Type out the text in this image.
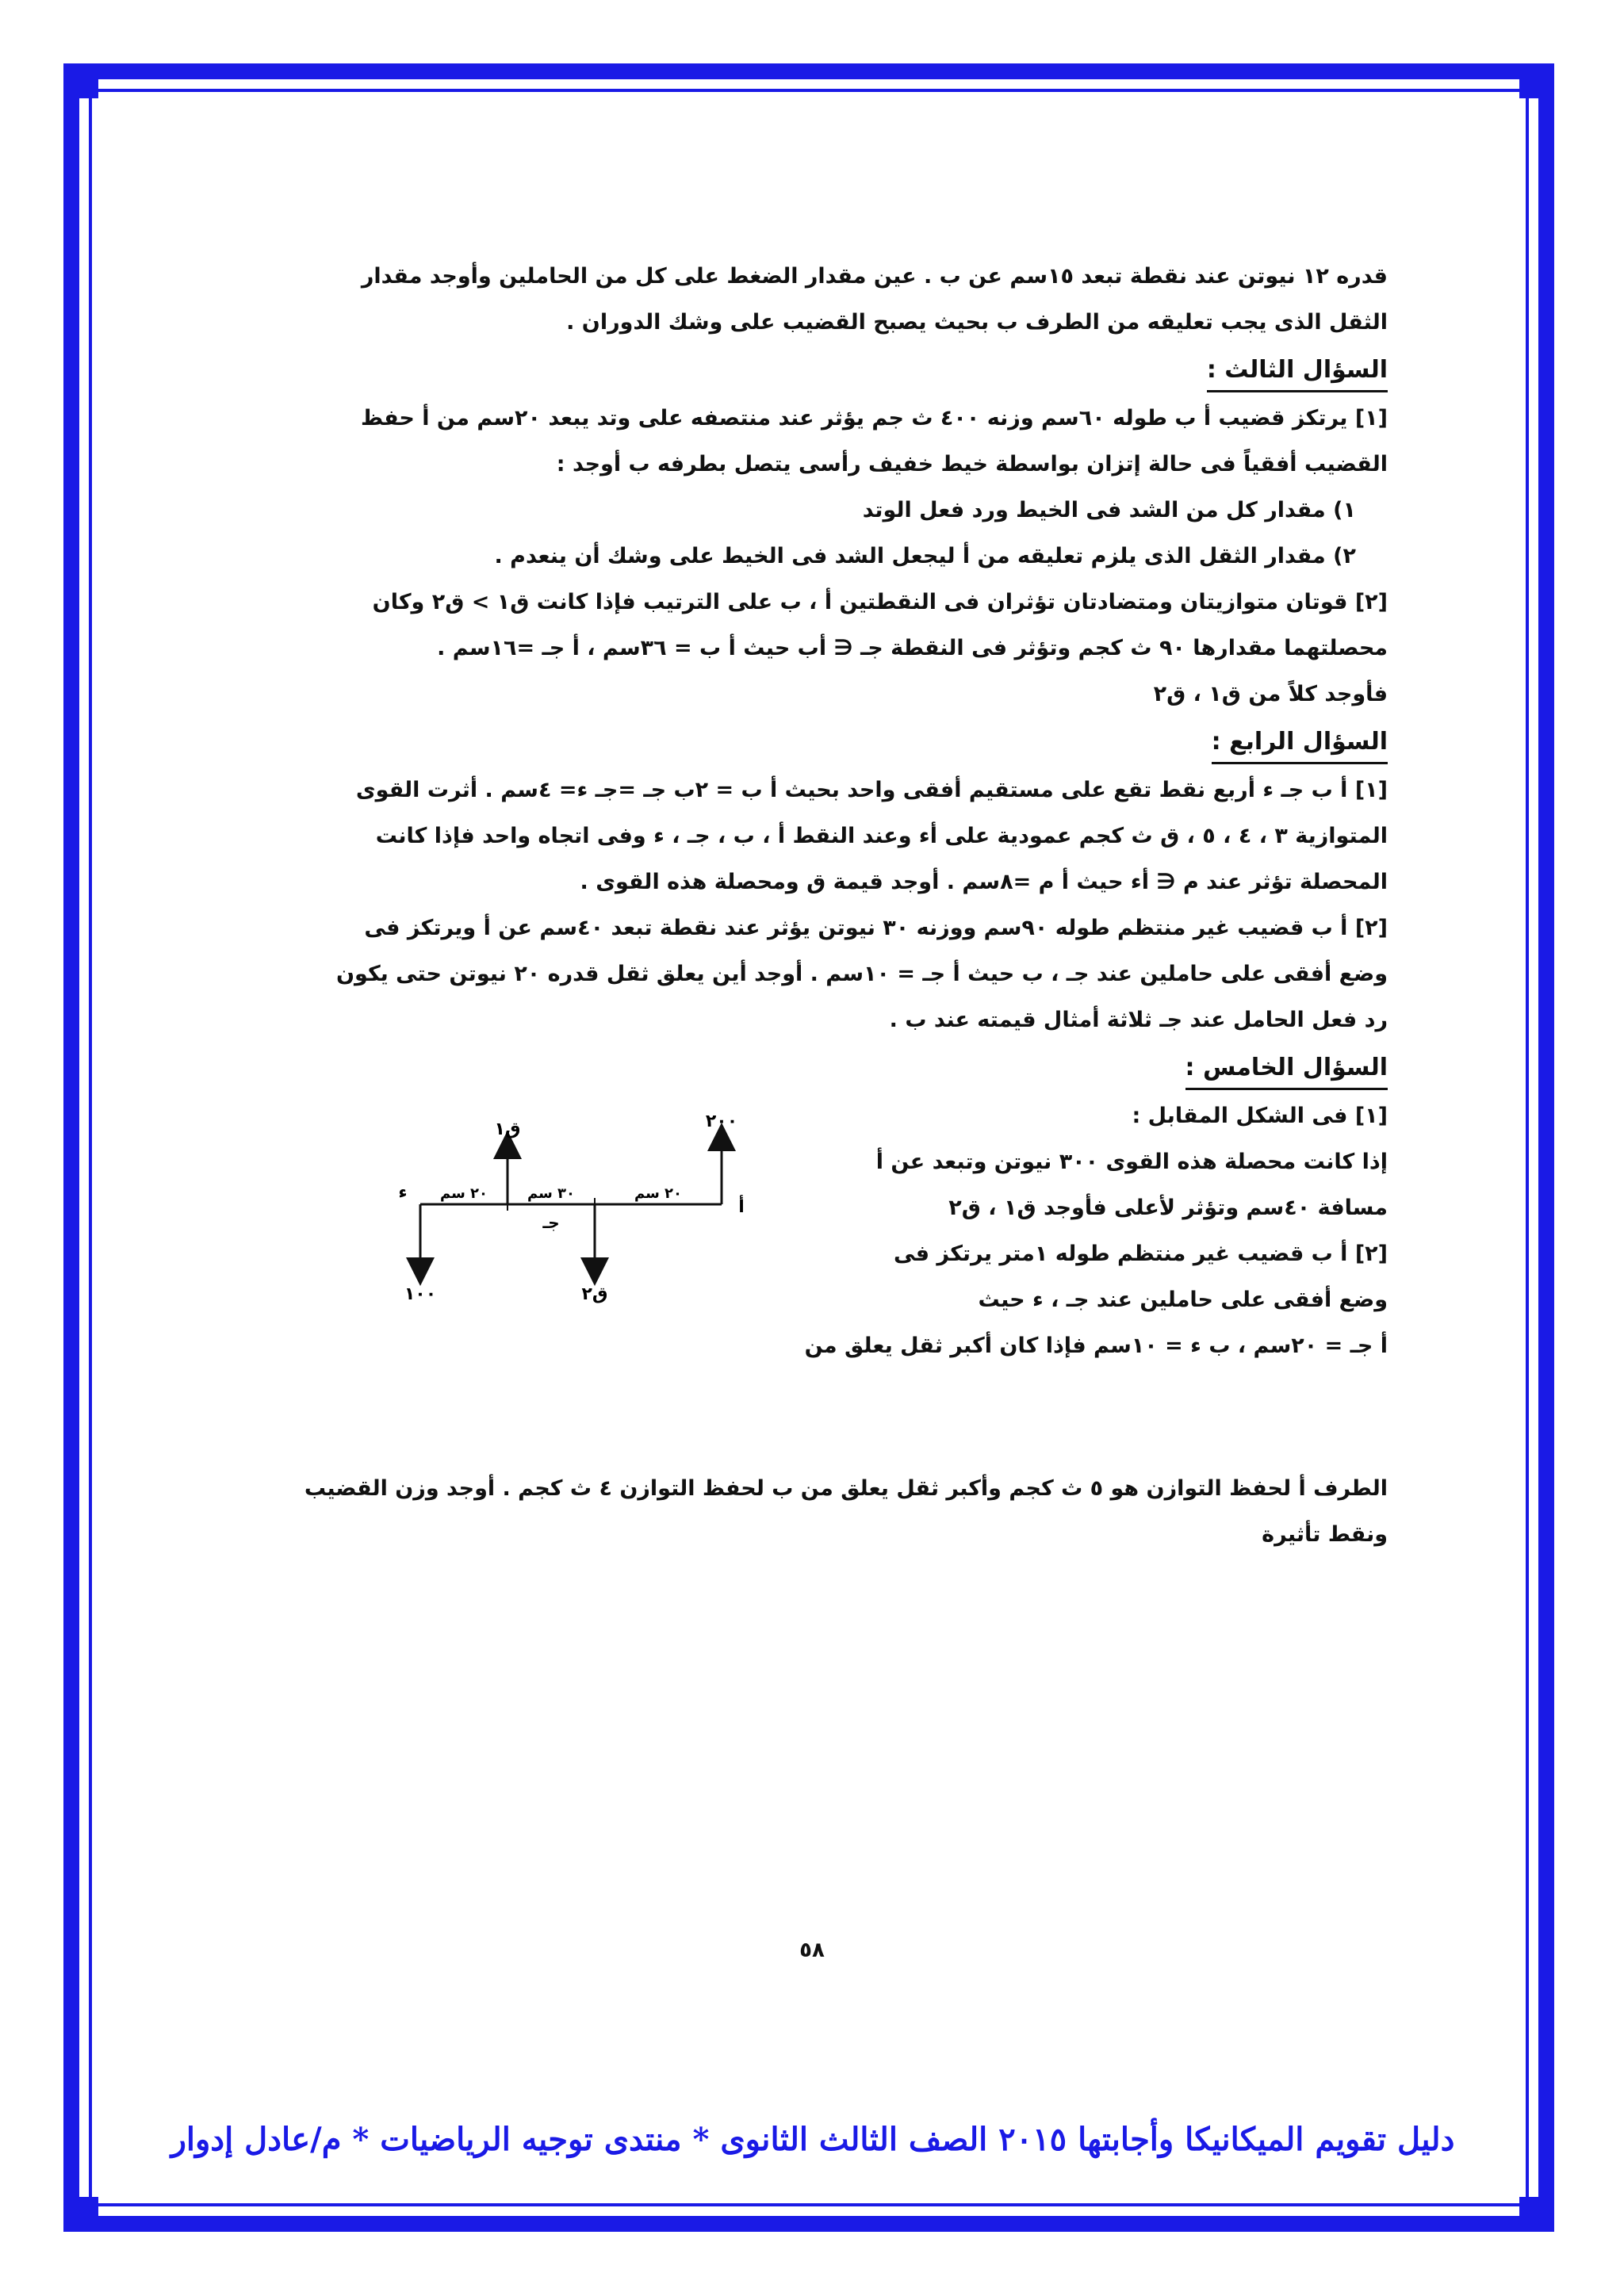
قدره ١٢ نيوتن عند نقطة تبعد ١٥سم عن ب . عين مقدار الضغط على كل من الحاملين وأوجد مقدار

الثقل الذى يجب تعليقه من الطرف ب بحيث يصبح القضيب على وشك الدوران .

السؤال الثالث :

[١] يرتكز قضيب أ ب طوله ٦٠سم وزنه ٤٠٠ ث جم يؤثر عند منتصفه على وتد يبعد ٢٠سم من أ حفظ

القضيب أفقياً فى حالة إتزان بواسطة خيط خفيف رأسى يتصل بطرفه ب أوجد :

١) مقدار كل من الشد فى الخيط ورد فعل الوتد

٢) مقدار الثقل الذى يلزم تعليقه من أ ليجعل الشد فى الخيط على وشك أن ينعدم .

[٢] قوتان متوازيتان ومتضادتان تؤثران فى النقطتين أ ، ب على الترتيب فإذا كانت ق١ > ق٢ وكان

محصلتهما مقدارها ٩٠ ث كجم وتؤثر فى النقطة جـ ∈ أب حيث أ ب = ٣٦سم ، أ جـ =١٦سم .

فأوجد كلاً من ق١ ، ق٢

السؤال الرابع :

[١] أ ب جـ ء أربع نقط تقع على مستقيم أفقى واحد بحيث أ ب = ٢ب جـ =جـ ء= ٤سم . أثرت القوى

المتوازية ٣ ، ٤ ، ٥ ، ق ث كجم عمودية على أء وعند النقط أ ، ب ، جـ ، ء وفى اتجاه واحد فإذا كانت

المحصلة تؤثر عند م ∈ أء حيث أ م =٨سم . أوجد قيمة ق ومحصلة هذه القوى .

[٢] أ ب قضيب غير منتظم طوله ٩٠سم ووزنه ٣٠ نيوتن يؤثر عند نقطة تبعد ٤٠سم عن أ ويرتكز فى

وضع أفقى على حاملين عند جـ ، ب حيث أ جـ = ١٠سم . أوجد أين يعلق ثقل قدره ٢٠ نيوتن حتى يكون

رد فعل الحامل عند جـ ثلاثة أمثال قيمته عند ب .

السؤال الخامس :

[١] فى الشكل المقابل :

إذا كانت محصلة هذه القوى ٣٠٠ نيوتن وتبعد عن أ

مسافة ٤٠سم وتؤثر لأعلى فأوجد ق١ ، ق٢

[٢] أ ب قضيب غير منتظم طوله ١متر يرتكز فى

وضع أفقى على حاملين عند جـ ، ء حيث

أ جـ = ٢٠سم ، ب ء = ١٠سم فإذا كان أكبر ثقل يعلق من

٢٠٠
ق١
ق٢
١٠٠
٢٠ سم	٣٠ سم	٢٠ سم
أ
ء
جـ

الطرف أ لحفظ التوازن هو ٥ ث كجم وأكبر ثقل يعلق من ب لحفظ التوازن ٤ ث كجم . أوجد وزن القضيب

ونقط تأثيرة

٥٨
دليل تقويم الميكانيكا وأجابتها ٢٠١٥ الصف الثالث الثانوى * منتدى توجيه الرياضيات * م/عادل إدوار
